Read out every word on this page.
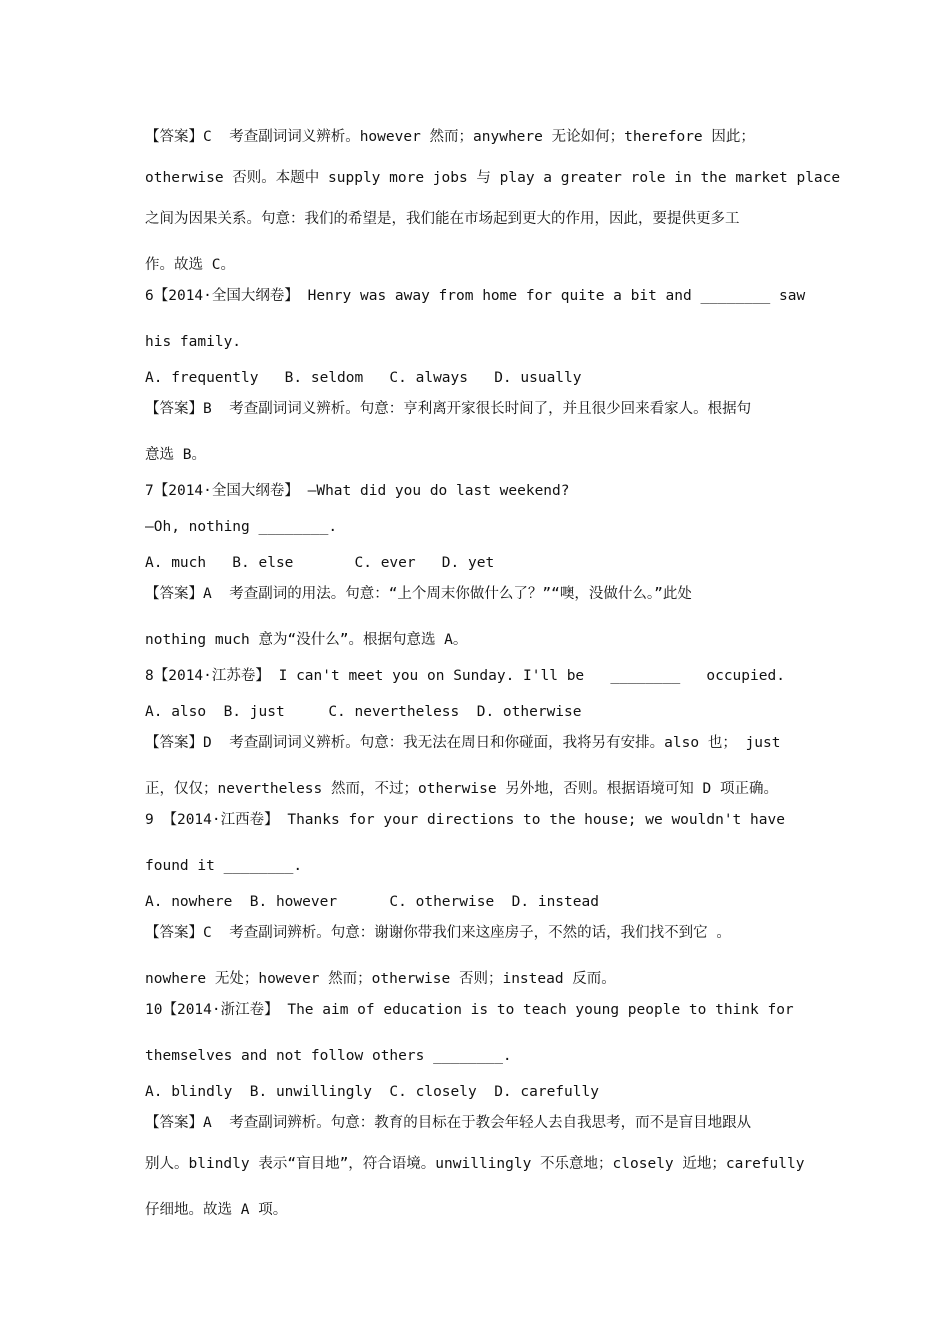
【答案】C  考查副词词义辨析。however 然而；anywhere 无论如何；therefore 因此；
otherwise 否则。本题中 supply more jobs 与 play a greater role in the market place
之间为因果关系。句意：我们的希望是，我们能在市场起到更大的作用，因此，要提供更多工
作。故选 C。
6【2014·全国大纲卷】 Henry was away from home for quite a bit and ________ saw
his family.
A. frequently   B. seldom   C. always   D. usually
【答案】B  考查副词词义辨析。句意：亨利离开家很长时间了，并且很少回来看家人。根据句
意选 B。
7【2014·全国大纲卷】 —What did you do last weekend?
—Oh, nothing ________.
A. much   B. else       C. ever   D. yet
【答案】A  考查副词的用法。句意：“上个周末你做什么了？”“噢，没做什么。”此处
nothing much 意为“没什么”。根据句意选 A。
8【2014·江苏卷】 I can't meet you on Sunday. I'll be   ________   occupied.
A. also  B. just     C. nevertheless  D. otherwise
【答案】D  考查副词词义辨析。句意：我无法在周日和你碰面，我将另有安排。also 也； just
正，仅仅；nevertheless 然而，不过；otherwise 另外地，否则。根据语境可知 D 项正确。
9 【2014·江西卷】 Thanks for your directions to the house; we wouldn't have
found it ________.
A. nowhere  B. however      C. otherwise  D. instead
【答案】C  考查副词辨析。句意：谢谢你带我们来这座房子，不然的话，我们找不到它 。
nowhere 无处；however 然而；otherwise 否则；instead 反而。
10【2014·浙江卷】 The aim of education is to teach young people to think for
themselves and not follow others ________.
A. blindly  B. unwillingly  C. closely  D. carefully
【答案】A  考查副词辨析。句意：教育的目标在于教会年轻人去自我思考，而不是盲目地跟从
别人。blindly 表示“盲目地”，符合语境。unwillingly 不乐意地；closely 近地；carefully
仔细地。故选 A 项。
